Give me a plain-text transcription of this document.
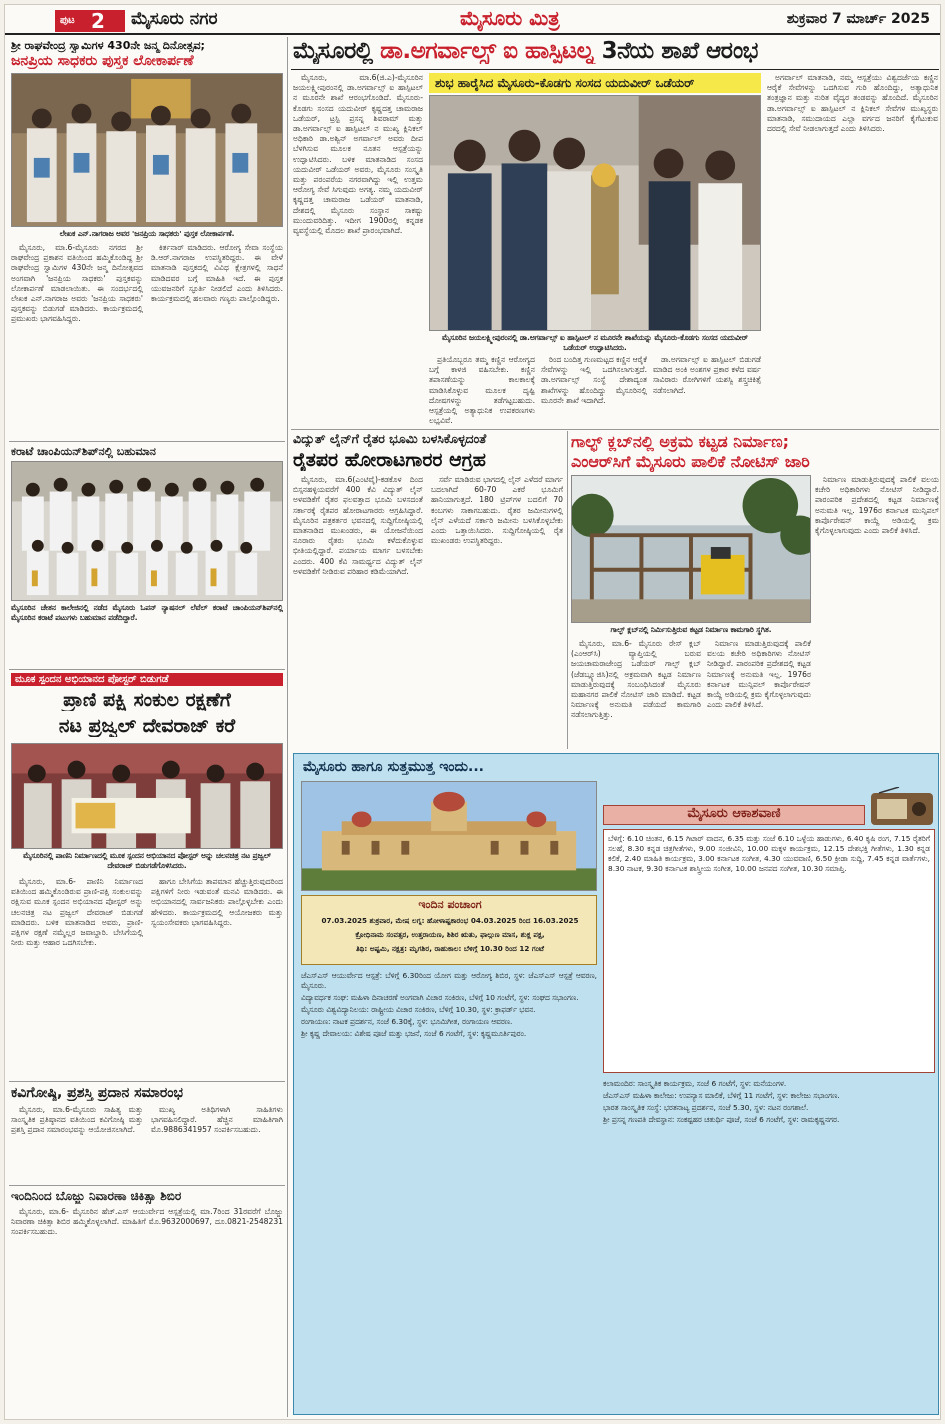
ಪುಟ 2 ಮೈಸೂರು ನಗರ	ಮೈಸೂರು ಮಿತ್ರ	ಶುಕ್ರವಾರ 7 ಮಾರ್ಚ್ 2025
ಶ್ರೀ ರಾಘವೇಂದ್ರ ಸ್ವಾಮಿಗಳ 430ನೇ ಜನ್ಮ ದಿನೋತ್ಸವ;
ಜನಪ್ರಿಯ ಸಾಧಕರು ಪುಸ್ತಕ ಲೋಕಾರ್ಪಣೆ
ಲೇಖಕ ಎನ್.ನಾಗರಾಜ ಅವರ 'ಜನಪ್ರಿಯ ಸಾಧಕರು' ಪುಸ್ತಕ ಲೋಕಾರ್ಪಣೆ.

ಮೈಸೂರು, ಮಾ.6-ಮೈಸೂರು ನಗರದ ಶ್ರೀ ರಾಘವೇಂದ್ರ ಪ್ರಕಾಶನ ವತಿಯಿಂದ ಹಮ್ಮಿಕೊಂಡಿದ್ದ ಶ್ರೀ ರಾಘವೇಂದ್ರ ಸ್ವಾಮಿಗಳ 430ನೇ ಜನ್ಮ ದಿನೋತ್ಸವದ ಅಂಗವಾಗಿ 'ಜನಪ್ರಿಯ ಸಾಧಕರು' ಪುಸ್ತಕವನ್ನು ಲೋಕಾರ್ಪಣೆ ಮಾಡಲಾಯಿತು. ಈ ಸಂದರ್ಭದಲ್ಲಿ ಲೇಖಕ ಎನ್.ನಾಗರಾಜ ಅವರು 'ಜನಪ್ರಿಯ ಸಾಧಕರು' ಪುಸ್ತಕವನ್ನು ಬಿಡುಗಡೆ ಮಾಡಿದರು. ಕಾರ್ಯಕ್ರಮದಲ್ಲಿ ಪ್ರಮುಖರು ಭಾಗವಹಿಸಿದ್ದರು.

ಕಿರ್ತನಾರ್ ಮಾಡಿದರು. ಆರೋಗ್ಯ ಸೇವಾ ಸಂಸ್ಥೆಯ ಡಿ.ಆರ್.ನಾಗರಾಜ ಉಪಸ್ಥಿತರಿದ್ದರು. ಈ ವೇಳೆ ಮಾತನಾಡಿ ಪುಸ್ತಕದಲ್ಲಿ ವಿವಿಧ ಕ್ಷೇತ್ರಗಳಲ್ಲಿ ಸಾಧನೆ ಮಾಡಿದವರ ಬಗ್ಗೆ ಮಾಹಿತಿ ಇದೆ. ಈ ಪುಸ್ತಕ ಯುವಜನರಿಗೆ ಸ್ಫೂರ್ತಿ ನೀಡಲಿದೆ ಎಂದು ತಿಳಿಸಿದರು. ಕಾರ್ಯಕ್ರಮದಲ್ಲಿ ಹಲವಾರು ಗಣ್ಯರು ಪಾಲ್ಗೊಂಡಿದ್ದರು.

ಕರಾಟೆ ಚಾಂಪಿಯನ್‌ಶಿಪ್‌ನಲ್ಲಿ ಬಹುಮಾನ
ಮೈಸೂರಿನ ಚೇತನ ಕಾಲೇಜಿನಲ್ಲಿ ನಡೆದ ಮೈಸೂರು ಓಪನ್ ನ್ಯಾಷನಲ್ ಲೆವೆಲ್ ಕರಾಟೆ ಚಾಂಪಿಯನ್‌ಶಿಪ್‌ನಲ್ಲಿ ಮೈಸೂರಿನ ಕರಾಟೆ ಪಟುಗಳು ಬಹುಮಾನ ಪಡೆದಿದ್ದಾರೆ.
ಮೂಕ ಸ್ಪಂದನ ಅಭಿಯಾನದ ಪೋಸ್ಟರ್ ಬಿಡುಗಡೆ
ಪ್ರಾಣಿ ಪಕ್ಷಿ ಸಂಕುಲ ರಕ್ಷಣೆಗೆ
ನಟ ಪ್ರಜ್ವಲ್ ದೇವರಾಜ್ ಕರೆ
ಮೈಸೂರಿನಲ್ಲಿ ಪಾಣಿನಿ ನಿರ್ಮಾಣದಲ್ಲಿ ಮೂಕ ಸ್ಪಂದನ ಅಭಿಯಾನದ ಪೋಸ್ಟರ್ ಅನ್ನು ಚಲನಚಿತ್ರ ನಟ ಪ್ರಜ್ವಲ್ ದೇವರಾಜ್ ಬಿಡುಗಡೆಗೊಳಿಸಿದರು.

ಮೈಸೂರು, ಮಾ.6- ಪಾಣಿನಿ ನಿರ್ಮಾಣದ ವತಿಯಿಂದ ಹಮ್ಮಿಕೊಂಡಿರುವ ಪ್ರಾಣಿ-ಪಕ್ಷಿ ಸಂಕುಲವನ್ನು ರಕ್ಷಿಸುವ ಮೂಕ ಸ್ಪಂದನ ಅಭಿಯಾನದ ಪೋಸ್ಟರ್ ಅನ್ನು ಚಲನಚಿತ್ರ ನಟ ಪ್ರಜ್ವಲ್ ದೇವರಾಜ್ ಬಿಡುಗಡೆ ಮಾಡಿದರು. ಬಳಿಕ ಮಾತನಾಡಿದ ಅವರು, ಪ್ರಾಣಿ-ಪಕ್ಷಿಗಳ ರಕ್ಷಣೆ ನಮ್ಮೆಲ್ಲರ ಜವಾಬ್ದಾರಿ. ಬೇಸಿಗೆಯಲ್ಲಿ ನೀರು ಮತ್ತು ಆಹಾರ ಒದಗಿಸಬೇಕು.

ಹಾಗೂ ಬೇಸಿಗೆಯ ತಾಪಮಾನ ಹೆಚ್ಚುತ್ತಿರುವುದರಿಂದ ಪಕ್ಷಿಗಳಿಗೆ ನೀರು ಇಡುವಂತೆ ಮನವಿ ಮಾಡಿದರು. ಈ ಅಭಿಯಾನದಲ್ಲಿ ಸಾರ್ವಜನಿಕರು ಪಾಲ್ಗೊಳ್ಳಬೇಕು ಎಂದು ಹೇಳಿದರು. ಕಾರ್ಯಕ್ರಮದಲ್ಲಿ ಆಯೋಜಕರು ಮತ್ತು ಸ್ವಯಂಸೇವಕರು ಭಾಗವಹಿಸಿದ್ದರು.

ಕವಿಗೋಷ್ಠಿ, ಪ್ರಶಸ್ತಿ ಪ್ರದಾನ ಸಮಾರಂಭ

ಮೈಸೂರು, ಮಾ.6-ಮೈಸೂರು ಸಾಹಿತ್ಯ ಮತ್ತು ಸಾಂಸ್ಕೃತಿಕ ಪ್ರತಿಷ್ಠಾನದ ವತಿಯಿಂದ ಕವಿಗೋಷ್ಠಿ ಮತ್ತು ಪ್ರಶಸ್ತಿ ಪ್ರದಾನ ಸಮಾರಂಭವನ್ನು ಆಯೋಜಿಸಲಾಗಿದೆ.

ಮುಖ್ಯ ಅತಿಥಿಗಳಾಗಿ ಸಾಹಿತಿಗಳು ಭಾಗವಹಿಸಲಿದ್ದಾರೆ. ಹೆಚ್ಚಿನ ಮಾಹಿತಿಗಾಗಿ ಮೊ.9886341957 ಸಂಪರ್ಕಿಸಬಹುದು.

ಇಂದಿನಿಂದ ಬೊಜ್ಜು ನಿವಾರಣಾ ಚಿಕಿತ್ಸಾ ಶಿಬಿರ

ಮೈಸೂರು, ಮಾ.6- ಮೈಸೂರಿನ ಹೆಚ್.ಎಸ್ ಆಯುರ್ವೇದ ಆಸ್ಪತ್ರೆಯಲ್ಲಿ ಮಾ.7ರಿಂದ 31ರವರೆಗೆ ಬೊಜ್ಜು ನಿವಾರಣಾ ಚಿಕಿತ್ಸಾ ಶಿಬಿರ ಹಮ್ಮಿಕೊಳ್ಳಲಾಗಿದೆ. ಮಾಹಿತಿಗೆ ಮೊ.9632000697, ದೂ.0821-2548231 ಸಂಪರ್ಕಿಸಬಹುದು.

ಮೈಸೂರಲ್ಲಿ ಡಾ.ಅಗರ್ವಾಲ್ಸ್ ಐ ಹಾಸ್ಪಿಟಲ್ನ 3ನೆಯ ಶಾಖೆ ಆರಂಭ

ಮೈಸೂರು, ಮಾ.6(ಜಿ.ಎ)-ಮೈಸೂರಿನ ಜಯಲಕ್ಷ್ಮೀಪುರಂನಲ್ಲಿ ಡಾ.ಅಗರ್ವಾಲ್ಸ್ ಐ ಹಾಸ್ಪಿಟಲ್ ನ ಮೂರನೇ ಶಾಖೆ ಆರಂಭಗೊಂಡಿದೆ. ಮೈಸೂರು-ಕೊಡಗು ಸಂಸದ ಯದುವೀರ್ ಕೃಷ್ಣದತ್ತ ಚಾಮರಾಜ ಒಡೆಯರ್, ಟ್ರಸ್ಟಿ ಪ್ರಸನ್ನ ಶಿವರಾಮ್ ಮತ್ತು ಡಾ.ಅಗರ್ವಾಲ್ಸ್ ಐ ಹಾಸ್ಪಿಟಲ್ ನ ಮುಖ್ಯ ಕ್ಲಿನಿಕಲ್ ಅಧಿಕಾರಿ ಡಾ.ಅಶ್ವಿನ್ ಅಗರ್ವಾಲ್ ಅವರು ದೀಪ ಬೆಳಗಿಸುವ ಮೂಲಕ ನೂತನ ಆಸ್ಪತ್ರೆಯನ್ನು ಉದ್ಘಾಟಿಸಿದರು. ಬಳಿಕ ಮಾತನಾಡಿದ ಸಂಸದ ಯದುವೀರ್ ಒಡೆಯರ್ ಅವರು, ಮೈಸೂರು ಸಂಸ್ಕೃತಿ ಮತ್ತು ಪರಂಪರೆಯ ನಗರವಾಗಿದ್ದು ಇಲ್ಲಿ ಉತ್ತಮ ಆರೋಗ್ಯ ಸೇವೆ ಸಿಗುವುದು ಅಗತ್ಯ. ನಮ್ಮ ಯದುವೀರ್ ಕೃಷ್ಣದತ್ತ ಚಾಮರಾಜ ಒಡೆಯರ್ ಮಾತನಾಡಿ, ದೇಶದಲ್ಲಿ ಮೈಸೂರು ಸಂಸ್ಥಾನ ಸಾಕಷ್ಟು ಮುಂದುವರಿದಿತ್ತು. ಇದೀಗ 1900ರಲ್ಲಿ ಕನ್ನಡಕ ವ್ಯವಸ್ಥೆಯಲ್ಲಿ ಮೊದಲ ಶಾಖೆ ಪ್ರಾರಂಭವಾಗಿದೆ.

ಶುಭ ಹಾರೈಸಿದ ಮೈಸೂರು-ಕೊಡಗು ಸಂಸದ ಯದುವೀರ್ ಒಡೆಯರ್
ಮೈಸೂರಿನ ಜಯಲಕ್ಷ್ಮೀಪುರಂನಲ್ಲಿ ಡಾ.ಅಗರ್ವಾಲ್ಸ್ ಐ ಹಾಸ್ಪಿಟಲ್ ನ ಮೂರನೇ ಶಾಖೆಯನ್ನು ಮೈಸೂರು-ಕೊಡಗು ಸಂಸದ ಯದುವೀರ್ ಒಡೆಯರ್ ಉದ್ಘಾಟಿಸಿದರು.

ಪ್ರತಿಯೊಬ್ಬರೂ ತಮ್ಮ ಕಣ್ಣಿನ ಆರೋಗ್ಯದ ಬಗ್ಗೆ ಕಾಳಜಿ ವಹಿಸಬೇಕು. ಕಣ್ಣಿನ ತಪಾಸಣೆಯನ್ನು ಕಾಲಕಾಲಕ್ಕೆ ಮಾಡಿಸಿಕೊಳ್ಳುವ ಮೂಲಕ ದೃಷ್ಟಿ ದೋಷಗಳನ್ನು ತಡೆಗಟ್ಟಬಹುದು. ಆಸ್ಪತ್ರೆಯಲ್ಲಿ ಅತ್ಯಾಧುನಿಕ ಉಪಕರಣಗಳು ಲಭ್ಯವಿವೆ.

ರಿಂದ ಬಂದಿತ್ತ ಗುಣಮಟ್ಟದ ಕಣ್ಣಿನ ಆರೈಕೆ ಸೇವೆಗಳನ್ನು ಇಲ್ಲಿ ಒದಗಿಸಲಾಗುತ್ತದೆ. ಡಾ.ಅಗರ್ವಾಲ್ಸ್ ಸಂಸ್ಥೆ ದೇಶಾದ್ಯಂತ ಶಾಖೆಗಳನ್ನು ಹೊಂದಿದ್ದು ಮೈಸೂರಿನಲ್ಲಿ ಮೂರನೇ ಶಾಖೆ ಇದಾಗಿದೆ.

ಡಾ.ಅಗರ್ವಾಲ್ಸ್ ಐ ಹಾಸ್ಪಿಟಲ್ ಬಿಡುಗಡೆ ಮಾಡಿದ ಅಂಕಿ ಅಂಶಗಳ ಪ್ರಕಾರ ಕಳೆದ ವರ್ಷ ಸಾವಿರಾರು ರೋಗಿಗಳಿಗೆ ಯಶಸ್ವಿ ಶಸ್ತ್ರಚಿಕಿತ್ಸೆ ನಡೆಸಲಾಗಿದೆ.

ಅಗರ್ವಾಲ್ ಮಾತನಾಡಿ, ನಮ್ಮ ಆಸ್ಪತ್ರೆಯು ವಿಶ್ವದರ್ಜೆಯ ಕಣ್ಣಿನ ಆರೈಕೆ ಸೇವೆಗಳನ್ನು ಒದಗಿಸುವ ಗುರಿ ಹೊಂದಿದ್ದು, ಅತ್ಯಾಧುನಿಕ ತಂತ್ರಜ್ಞಾನ ಮತ್ತು ನುರಿತ ವೈದ್ಯರ ತಂಡವನ್ನು ಹೊಂದಿದೆ. ಮೈಸೂರಿನ ಡಾ.ಅಗರ್ವಾಲ್ಸ್ ಐ ಹಾಸ್ಪಿಟಲ್ ನ ಕ್ಲಿನಿಕಲ್ ಸೇವೆಗಳ ಮುಖ್ಯಸ್ಥರು ಮಾತನಾಡಿ, ಸಮುದಾಯದ ಎಲ್ಲಾ ವರ್ಗದ ಜನರಿಗೆ ಕೈಗೆಟುಕುವ ದರದಲ್ಲಿ ಸೇವೆ ನೀಡಲಾಗುತ್ತದೆ ಎಂದು ತಿಳಿಸಿದರು.

ವಿದ್ಯುತ್ ಲೈನ್‌ಗೆ ರೈತರ ಭೂಮಿ ಬಳಸಿಕೊಳ್ಳದಂತೆ
ರೈತಪರ ಹೋರಾಟಗಾರರ ಆಗ್ರಹ

ಮೈಸೂರು, ಮಾ.6(ಎಂಟಿವೈ)-ಕಡಕೊಳ ದಿಂದ ಬಿಸ್ಸನಹಳ್ಳಿಯವರೆಗೆ 400 ಕೆವಿ ವಿದ್ಯುತ್ ಲೈನ್ ಅಳವಡಿಕೆಗೆ ರೈತರ ಫಲವತ್ತಾದ ಭೂಮಿ ಬಳಸದಂತೆ ಸರ್ಕಾರಕ್ಕೆ ರೈತಪರ ಹೋರಾಟಗಾರರು ಆಗ್ರಹಿಸಿದ್ದಾರೆ. ಮೈಸೂರಿನ ಪತ್ರಕರ್ತರ ಭವನದಲ್ಲಿ ಸುದ್ದಿಗೋಷ್ಠಿಯಲ್ಲಿ ಮಾತನಾಡಿದ ಮುಖಂಡರು, ಈ ಯೋಜನೆಯಿಂದ ನೂರಾರು ರೈತರು ಭೂಮಿ ಕಳೆದುಕೊಳ್ಳುವ ಭೀತಿಯಲ್ಲಿದ್ದಾರೆ. ಪರ್ಯಾಯ ಮಾರ್ಗ ಬಳಸಬೇಕು ಎಂದರು. 400 ಕೆವಿ ಸಾಮರ್ಥ್ಯದ ವಿದ್ಯುತ್ ಲೈನ್ ಅಳವಡಿಕೆಗೆ ನೀಡಿರುವ ಪರಿಹಾರ ಕಡಿಮೆಯಾಗಿದೆ.

ಸರ್ವೆ ಮಾಡಿರುವ ಭಾಗದಲ್ಲಿ ಲೈನ್ ಎಳೆದರೆ ಮಾರ್ಗ ಬದಲಾಗಿದೆ 60-70 ಎಕರೆ ಭೂಮಿಗೆ ಹಾನಿಯಾಗುತ್ತದೆ. 180 ಟ್ರಿಪ್‌ಗಳ ಬದಲಿಗೆ 70 ಕಂಬಗಳು ಸಾಕಾಗಬಹುದು. ರೈತರ ಜಮೀನುಗಳಲ್ಲಿ ಲೈನ್ ಎಳೆಯದೆ ಸರ್ಕಾರಿ ಜಮೀನು ಬಳಸಿಕೊಳ್ಳಬೇಕು ಎಂದು ಒತ್ತಾಯಿಸಿದರು. ಸುದ್ದಿಗೋಷ್ಠಿಯಲ್ಲಿ ರೈತ ಮುಖಂಡರು ಉಪಸ್ಥಿತರಿದ್ದರು.

ಗಾಲ್ಫ್ ಕ್ಲಬ್‌ನಲ್ಲಿ ಅಕ್ರಮ ಕಟ್ಟಡ ನಿರ್ಮಾಣ;
ಎಂಆರ್‌ಸಿಗೆ ಮೈಸೂರು ಪಾಲಿಕೆ ನೋಟಿಸ್ ಜಾರಿ
ಗಾಲ್ಫ್ ಕ್ಲಬ್‌ನಲ್ಲಿ ನಿರ್ಮಿಸುತ್ತಿರುವ ಕಟ್ಟಡ ನಿರ್ಮಾಣ ಕಾಮಗಾರಿ ಸ್ಥಗಿತ.

ಮೈಸೂರು, ಮಾ.6- ಮೈಸೂರು ರೇಸ್ ಕ್ಲಬ್ (ಎಂಆರ್‌ಸಿ) ವ್ಯಾಪ್ತಿಯಲ್ಲಿ ಬರುವ ಜಯಚಾಮರಾಜೇಂದ್ರ ಒಡೆಯರ್ ಗಾಲ್ಫ್ ಕ್ಲಬ್ (ಜೆಡಬ್ಲ್ಯೂಜಿಸಿ)ನಲ್ಲಿ ಅಕ್ರಮವಾಗಿ ಕಟ್ಟಡ ನಿರ್ಮಾಣ ಮಾಡುತ್ತಿರುವುದಕ್ಕೆ ಸಂಬಂಧಿಸಿದಂತೆ ಮೈಸೂರು ಮಹಾನಗರ ಪಾಲಿಕೆ ನೋಟಿಸ್ ಜಾರಿ ಮಾಡಿದೆ. ಕಟ್ಟಡ ನಿರ್ಮಾಣಕ್ಕೆ ಅನುಮತಿ ಪಡೆಯದೆ ಕಾಮಗಾರಿ ನಡೆಸಲಾಗುತ್ತಿತ್ತು.

ನಿರ್ಮಾಣ ಮಾಡುತ್ತಿರುವುದಕ್ಕೆ ಪಾಲಿಕೆ ವಲಯ ಕಚೇರಿ ಅಧಿಕಾರಿಗಳು ನೋಟಿಸ್ ನೀಡಿದ್ದಾರೆ. ಪಾರಂಪರಿಕ ಪ್ರದೇಶದಲ್ಲಿ ಕಟ್ಟಡ ನಿರ್ಮಾಣಕ್ಕೆ ಅನುಮತಿ ಇಲ್ಲ. 1976ರ ಕರ್ನಾಟಕ ಮುನ್ಸಿಪಲ್ ಕಾರ್ಪೊರೇಷನ್ ಕಾಯ್ದೆ ಅಡಿಯಲ್ಲಿ ಕ್ರಮ ಕೈಗೊಳ್ಳಲಾಗುವುದು ಎಂದು ಪಾಲಿಕೆ ತಿಳಿಸಿದೆ.

ನಿರ್ಮಾಣ ಮಾಡುತ್ತಿರುವುದಕ್ಕೆ ಪಾಲಿಕೆ ವಲಯ ಕಚೇರಿ ಅಧಿಕಾರಿಗಳು ನೋಟಿಸ್ ನೀಡಿದ್ದಾರೆ. ಪಾರಂಪರಿಕ ಪ್ರದೇಶದಲ್ಲಿ ಕಟ್ಟಡ ನಿರ್ಮಾಣಕ್ಕೆ ಅನುಮತಿ ಇಲ್ಲ. 1976ರ ಕರ್ನಾಟಕ ಮುನ್ಸಿಪಲ್ ಕಾರ್ಪೊರೇಷನ್ ಕಾಯ್ದೆ ಅಡಿಯಲ್ಲಿ ಕ್ರಮ ಕೈಗೊಳ್ಳಲಾಗುವುದು ಎಂದು ಪಾಲಿಕೆ ತಿಳಿಸಿದೆ.

ಮೈಸೂರು ಹಾಗೂ ಸುತ್ತಮುತ್ತ ಇಂದು...
ಇಂದಿನ ಪಂಚಾಂಗ
07.03.2025 ಶುಕ್ರವಾರ, ಮೇಷ ಲಗ್ನ: ಹೋಳಾಷ್ಟಕಾರಂಭ 04.03.2025 ರಿಂದ 16.03.2025
ಕ್ರೋಧಿನಾಮ ಸಂವತ್ಸರ, ಉತ್ತರಾಯಣ, ಶಿಶಿರ ಋತು, ಫಾಲ್ಗುಣ ಮಾಸ, ಶುಕ್ಲ ಪಕ್ಷ,
ತಿಥಿ: ಅಷ್ಟಮಿ, ನಕ್ಷತ್ರ: ಮೃಗಶಿರ, ರಾಹುಕಾಲ: ಬೆಳಿಗ್ಗೆ 10.30 ರಿಂದ 12 ಗಂಟೆ
ಜೆಎಸ್‌ಎಸ್ ಆಯುರ್ವೇದ ಆಸ್ಪತ್ರೆ: ಬೆಳಿಗ್ಗೆ 6.30ರಿಂದ ಯೋಗ ಮತ್ತು ಆರೋಗ್ಯ ಶಿಬಿರ, ಸ್ಥಳ: ಜೆಎಸ್‌ಎಸ್ ಆಸ್ಪತ್ರೆ ಆವರಣ, ಮೈಸೂರು.
ವಿದ್ಯಾವರ್ಧಕ ಸಂಘ: ಮಹಿಳಾ ದಿನಾಚರಣೆ ಅಂಗವಾಗಿ ವಿಚಾರ ಸಂಕಿರಣ, ಬೆಳಿಗ್ಗೆ 10 ಗಂಟೆಗೆ, ಸ್ಥಳ: ಸಂಘದ ಸಭಾಂಗಣ.
ಮೈಸೂರು ವಿಶ್ವವಿದ್ಯಾನಿಲಯ: ರಾಷ್ಟ್ರೀಯ ವಿಚಾರ ಸಂಕಿರಣ, ಬೆಳಿಗ್ಗೆ 10.30, ಸ್ಥಳ: ಕ್ರಾಫರ್ಡ್ ಭವನ.
ರಂಗಾಯಣ: ನಾಟಕ ಪ್ರದರ್ಶನ, ಸಂಜೆ 6.30ಕ್ಕೆ, ಸ್ಥಳ: ಭೂಮಿಗೀತ, ರಂಗಾಯಣ ಆವರಣ.
ಶ್ರೀ ಕೃಷ್ಣ ದೇವಾಲಯ: ವಿಶೇಷ ಪೂಜೆ ಮತ್ತು ಭಜನೆ, ಸಂಜೆ 6 ಗಂಟೆಗೆ, ಸ್ಥಳ: ಕೃಷ್ಣಮೂರ್ತಿಪುರಂ.
ಮೈಸೂರು ಆಕಾಶವಾಣಿ
ಬೆಳಿಗ್ಗೆ: 6.10 ಚಿಂತನ, 6.15 ಗಿಟಾರ್ ವಾದನ, 6.35 ಮತ್ತು ಸಂಜೆ 6.10 ಒಳ್ಳೆಯ ಹಾಡುಗಳು, 6.40 ಕೃಷಿ ರಂಗ, 7.15 ರೈತರಿಗೆ ಸಲಹೆ, 8.30 ಕನ್ನಡ ಚಿತ್ರಗೀತೆಗಳು, 9.00 ಸಂಜೀವಿನಿ, 10.00 ಮಕ್ಕಳ ಕಾರ್ಯಕ್ರಮ, 12.15 ದೇಶಭಕ್ತಿ ಗೀತೆಗಳು, 1.30 ಕನ್ನಡ ಕಲಿಕೆ, 2.40 ಮಾಹಿತಿ ಕಾರ್ಯಕ್ರಮ, 3.00 ಕರ್ನಾಟಕ ಸಂಗೀತ, 4.30 ಯುವವಾಣಿ, 6.50 ಕ್ರೀಡಾ ಸುದ್ದಿ, 7.45 ಕನ್ನಡ ವಾರ್ತೆಗಳು, 8.30 ನಾಟಕ, 9.30 ಕರ್ನಾಟಕ ಶಾಸ್ತ್ರೀಯ ಸಂಗೀತ, 10.00 ಜನಪದ ಸಂಗೀತ, 10.30 ಸಮಾಪ್ತಿ.
ಕಲಾಮಂದಿರ: ಸಾಂಸ್ಕೃತಿಕ ಕಾರ್ಯಕ್ರಮ, ಸಂಜೆ 6 ಗಂಟೆಗೆ, ಸ್ಥಳ: ಮನೆಯಂಗಳ.
ಜೆಎಸ್‌ಎಸ್ ಮಹಿಳಾ ಕಾಲೇಜು: ಉಪನ್ಯಾಸ ಮಾಲಿಕೆ, ಬೆಳಿಗ್ಗೆ 11 ಗಂಟೆಗೆ, ಸ್ಥಳ: ಕಾಲೇಜು ಸಭಾಂಗಣ.
ಭಾರತ ಸಾಂಸ್ಕೃತಿಕ ಸಂಸ್ಥೆ: ಭರತನಾಟ್ಯ ಪ್ರದರ್ಶನ, ಸಂಜೆ 5.30, ಸ್ಥಳ: ನಟನ ರಂಗಶಾಲೆ.
ಶ್ರೀ ಪ್ರಸನ್ನ ಗಣಪತಿ ದೇವಸ್ಥಾನ: ಸಂಕಷ್ಟಹರ ಚತುರ್ಥಿ ಪೂಜೆ, ಸಂಜೆ 6 ಗಂಟೆಗೆ, ಸ್ಥಳ: ರಾಮಕೃಷ್ಣನಗರ.
